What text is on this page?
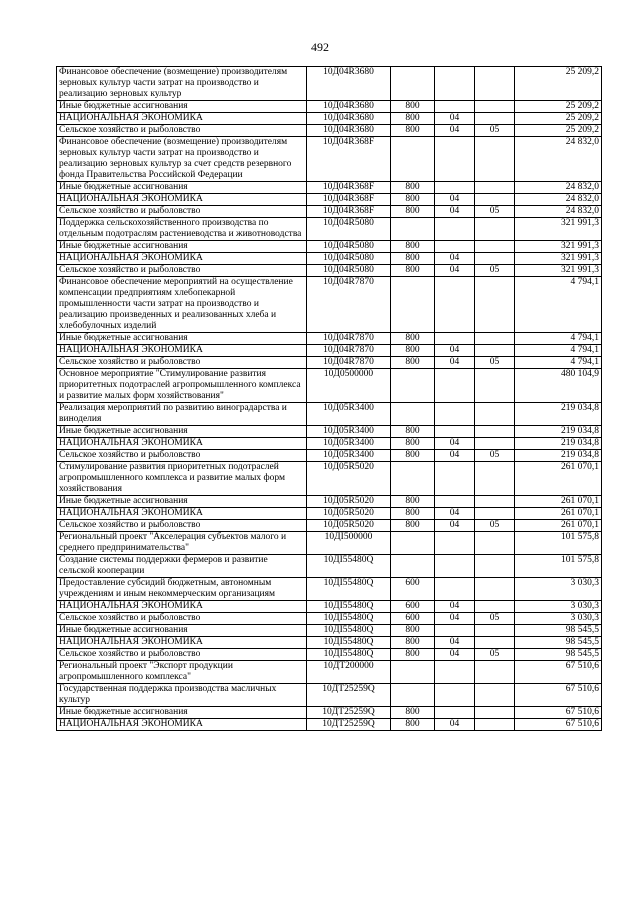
492
Финансовое обеспечение (возмещение) производителям зерновых культур части затрат на производство и реализацию зерновых культур	10Д04R3680				25 209,2
Иные бюджетные ассигнования	10Д04R3680	800			25 209,2
НАЦИОНАЛЬНАЯ ЭКОНОМИКА	10Д04R3680	800	04		25 209,2
Сельское хозяйство и рыболовство	10Д04R3680	800	04	05	25 209,2
Финансовое обеспечение (возмещение) производителям зерновых культур части затрат на производство и реализацию зерновых культур за счет средств резервного фонда Правительства Российской Федерации	10Д04R368F				24 832,0
Иные бюджетные ассигнования	10Д04R368F	800			24 832,0
НАЦИОНАЛЬНАЯ ЭКОНОМИКА	10Д04R368F	800	04		24 832,0
Сельское хозяйство и рыболовство	10Д04R368F	800	04	05	24 832,0
Поддержка сельскохозяйственного производства по отдельным подотраслям растениеводства и животноводства	10Д04R5080				321 991,3
Иные бюджетные ассигнования	10Д04R5080	800			321 991,3
НАЦИОНАЛЬНАЯ ЭКОНОМИКА	10Д04R5080	800	04		321 991,3
Сельское хозяйство и рыболовство	10Д04R5080	800	04	05	321 991,3
Финансовое обеспечение мероприятий на осуществление компенсации предприятиям хлебопекарной промышленности части затрат на производство и реализацию произведенных и реализованных хлеба и хлебобулочных изделий	10Д04R7870				4 794,1
Иные бюджетные ассигнования	10Д04R7870	800			4 794,1
НАЦИОНАЛЬНАЯ ЭКОНОМИКА	10Д04R7870	800	04		4 794,1
Сельское хозяйство и рыболовство	10Д04R7870	800	04	05	4 794,1
Основное мероприятие "Стимулирование развития приоритетных подотраслей агропромышленного комплекса и развитие малых форм хозяйствования"	10Д0500000				480 104,9
Реализация мероприятий по развитию виноградарства и виноделия	10Д05R3400				219 034,8
Иные бюджетные ассигнования	10Д05R3400	800			219 034,8
НАЦИОНАЛЬНАЯ ЭКОНОМИКА	10Д05R3400	800	04		219 034,8
Сельское хозяйство и рыболовство	10Д05R3400	800	04	05	219 034,8
Стимулирование развития приоритетных подотраслей агропромышленного комплекса и развитие малых форм хозяйствования	10Д05R5020				261 070,1
Иные бюджетные ассигнования	10Д05R5020	800			261 070,1
НАЦИОНАЛЬНАЯ ЭКОНОМИКА	10Д05R5020	800	04		261 070,1
Сельское хозяйство и рыболовство	10Д05R5020	800	04	05	261 070,1
Региональный проект "Акселерация субъектов малого и среднего предпринимательства"	10ДI500000				101 575,8
Создание системы поддержки фермеров и развитие сельской кооперации	10ДI55480Q				101 575,8
Предоставление субсидий бюджетным, автономным учреждениям и иным некоммерческим организациям	10ДI55480Q	600			3 030,3
НАЦИОНАЛЬНАЯ ЭКОНОМИКА	10ДI55480Q	600	04		3 030,3
Сельское хозяйство и рыболовство	10ДI55480Q	600	04	05	3 030,3
Иные бюджетные ассигнования	10ДI55480Q	800			98 545,5
НАЦИОНАЛЬНАЯ ЭКОНОМИКА	10ДI55480Q	800	04		98 545,5
Сельское хозяйство и рыболовство	10ДI55480Q	800	04	05	98 545,5
Региональный проект "Экспорт продукции агропромышленного комплекса"	10ДТ200000				67 510,6
Государственная поддержка производства масличных культур	10ДТ25259Q				67 510,6
Иные бюджетные ассигнования	10ДТ25259Q	800			67 510,6
НАЦИОНАЛЬНАЯ ЭКОНОМИКА	10ДТ25259Q	800	04		67 510,6
